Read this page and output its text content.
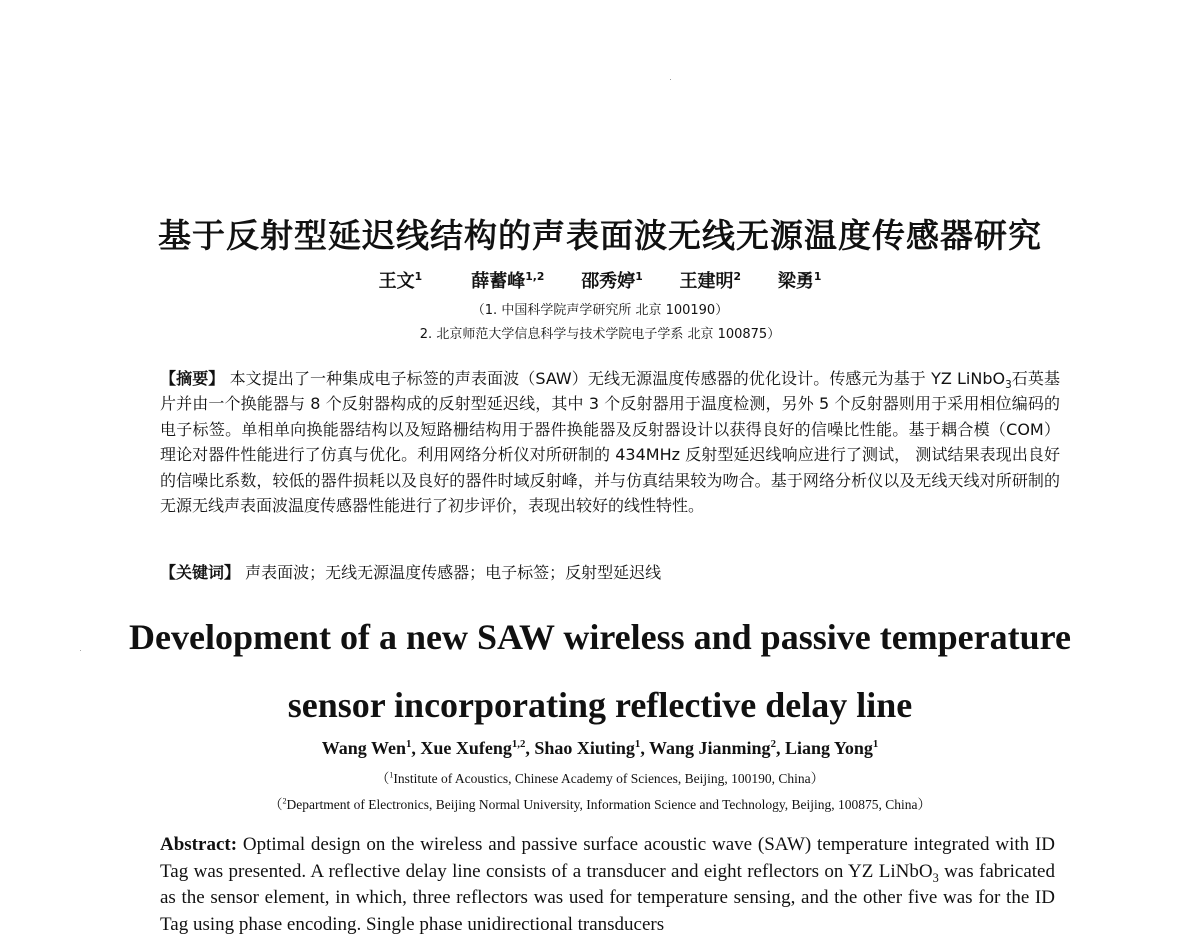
基于反射型延迟线结构的声表面波无线无源温度传感器研究
王文$^1$	薛蓄峰$^{1,2}$ 邵秀婷$^1$ 王建明$^2$ 梁勇$^1$
（1. 中国科学院声学研究所 北京 100190）
2. 北京师范大学信息科学与技术学院电子学系 北京 100875）

【摘要】 本文提出了一种集成电子标签的声表面波（SAW）无线无源温度传感器的优化设计。传感元为基于 YZ LiNbO$_3$石英基片并由一个换能器与 8 个反射器构成的反射型延迟线，其中 3 个反射器用于温度检测，另外 5 个反射器则用于采用相位编码的电子标签。单相单向换能器结构以及短路栅结构用于器件换能器及反射器设计以获得良好的信噪比性能。基于耦合模（COM）理论对器件性能进行了仿真与优化。利用网络分析仪对所研制的 434MHz 反射型延迟线响应进行了测试， 测试结果表现出良好的信噪比系数，较低的器件损耗以及良好的器件时域反射峰，并与仿真结果较为吻合。基于网络分析仪以及无线天线对所研制的无源无线声表面波温度传感器性能进行了初步评价，表现出较好的线性特性。

【关键词】 声表面波；无线无源温度传感器；电子标签；反射型延迟线

Development of a new SAW wireless and passive temperature
sensor incorporating reflective delay line
Wang Wen$^1$, Xue Xufeng$^{1,2}$, Shao Xiuting$^1$, Wang Jianming$^2$, Liang Yong$^1$
（$^1$Institute of Acoustics, Chinese Academy of Sciences, Beijing, 100190, China）
（$^2$Department of Electronics, Beijing Normal University, Information Science and Technology, Beijing, 100875, China）

Abstract: Optimal design on the wireless and passive surface acoustic wave (SAW) temperature integrated with ID Tag was presented. A reflective delay line consists of a transducer and eight reflectors on YZ LiNbO$_3$ was fabricated as the sensor element, in which, three reflectors was used for temperature sensing, and the other five was for the ID Tag using phase encoding. Single phase unidirectional transducers
